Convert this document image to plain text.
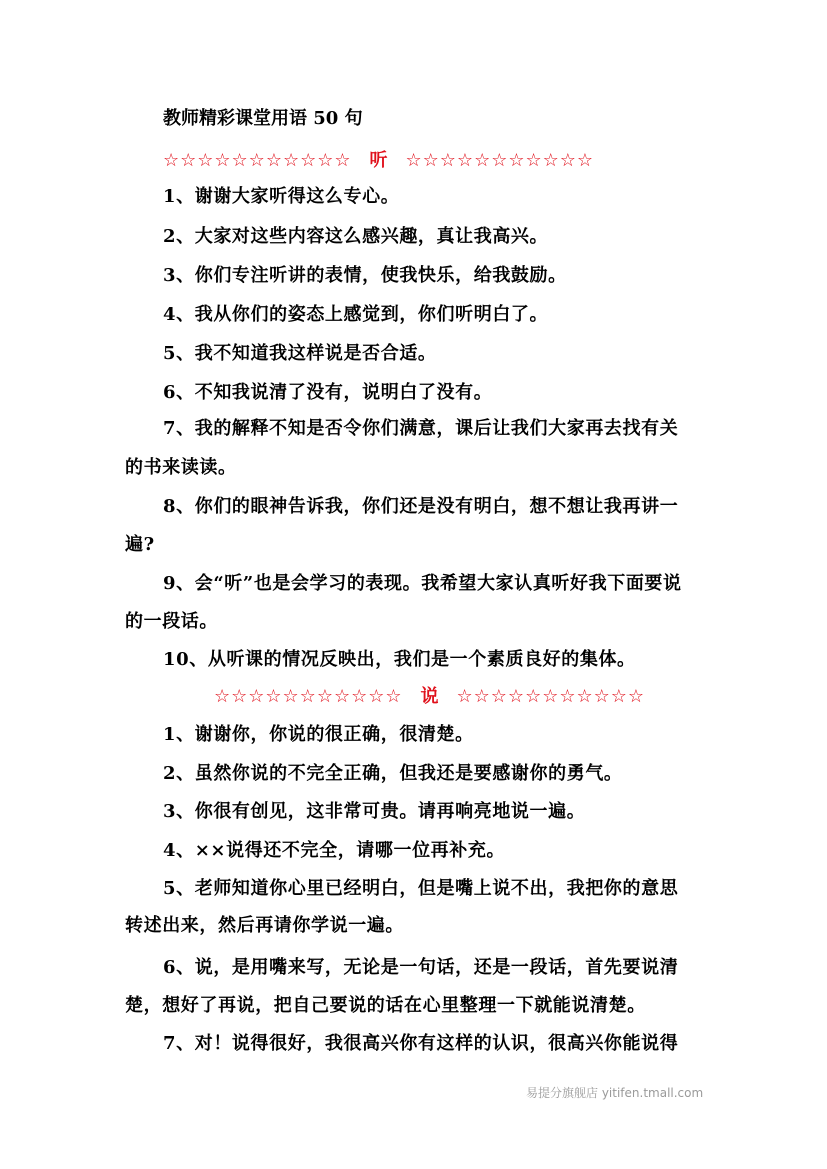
教师精彩课堂用语 50 句
☆☆☆☆☆☆☆☆☆☆☆ 听 ☆☆☆☆☆☆☆☆☆☆☆
1、谢谢大家听得这么专心。
2、大家对这些内容这么感兴趣，真让我高兴。
3、你们专注听讲的表情，使我快乐，给我鼓励。
4、我从你们的姿态上感觉到，你们听明白了。
5、我不知道我这样说是否合适。
6、不知我说清了没有，说明白了没有。
7、我的解释不知是否令你们满意，课后让我们大家再去找有关
的书来读读。
8、你们的眼神告诉我，你们还是没有明白，想不想让我再讲一
遍?
9、会“听”也是会学习的表现。我希望大家认真听好我下面要说
的一段话。
10、从听课的情况反映出，我们是一个素质良好的集体。
☆☆☆☆☆☆☆☆☆☆☆ 说 ☆☆☆☆☆☆☆☆☆☆☆
1、谢谢你，你说的很正确，很清楚。
2、虽然你说的不完全正确，但我还是要感谢你的勇气。
3、你很有创见，这非常可贵。请再响亮地说一遍。
4、××说得还不完全，请哪一位再补充。
5、老师知道你心里已经明白，但是嘴上说不出，我把你的意思
转述出来，然后再请你学说一遍。
6、说，是用嘴来写，无论是一句话，还是一段话，首先要说清
楚，想好了再说，把自己要说的话在心里整理一下就能说清楚。
7、对！说得很好，我很高兴你有这样的认识，很高兴你能说得
易提分旗舰店 yitifen.tmall.com
